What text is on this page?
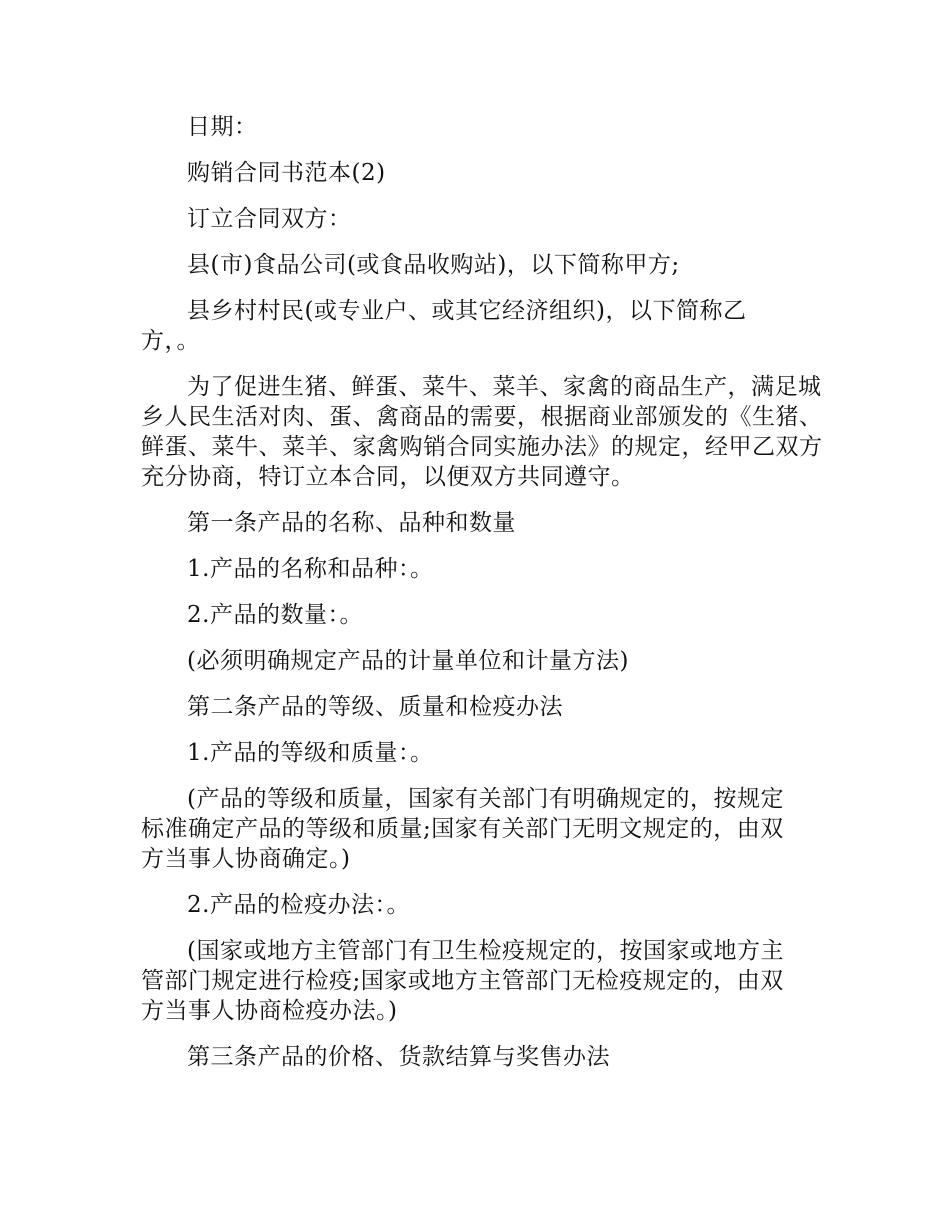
日期：

购销合同书范本(2)

订立合同双方：

县(市)食品公司(或食品收购站)，以下简称甲方;

县乡村村民(或专业户、或其它经济组织)，以下简称乙方，。

为了促进生猪、鲜蛋、菜牛、菜羊、家禽的商品生产，满足城乡人民生活对肉、蛋、禽商品的需要，根据商业部颁发的《生猪、鲜蛋、菜牛、菜羊、家禽购销合同实施办法》的规定，经甲乙双方充分协商，特订立本合同，以便双方共同遵守。

第一条产品的名称、品种和数量

1.产品的名称和品种：。

2.产品的数量：。

(必须明确规定产品的计量单位和计量方法)

第二条产品的等级、质量和检疫办法

1.产品的等级和质量：。

(产品的等级和质量，国家有关部门有明确规定的，按规定标准确定产品的等级和质量;国家有关部门无明文规定的，由双方当事人协商确定。)

2.产品的检疫办法：。

(国家或地方主管部门有卫生检疫规定的，按国家或地方主管部门规定进行检疫;国家或地方主管部门无检疫规定的，由双方当事人协商检疫办法。)

第三条产品的价格、货款结算与奖售办法
